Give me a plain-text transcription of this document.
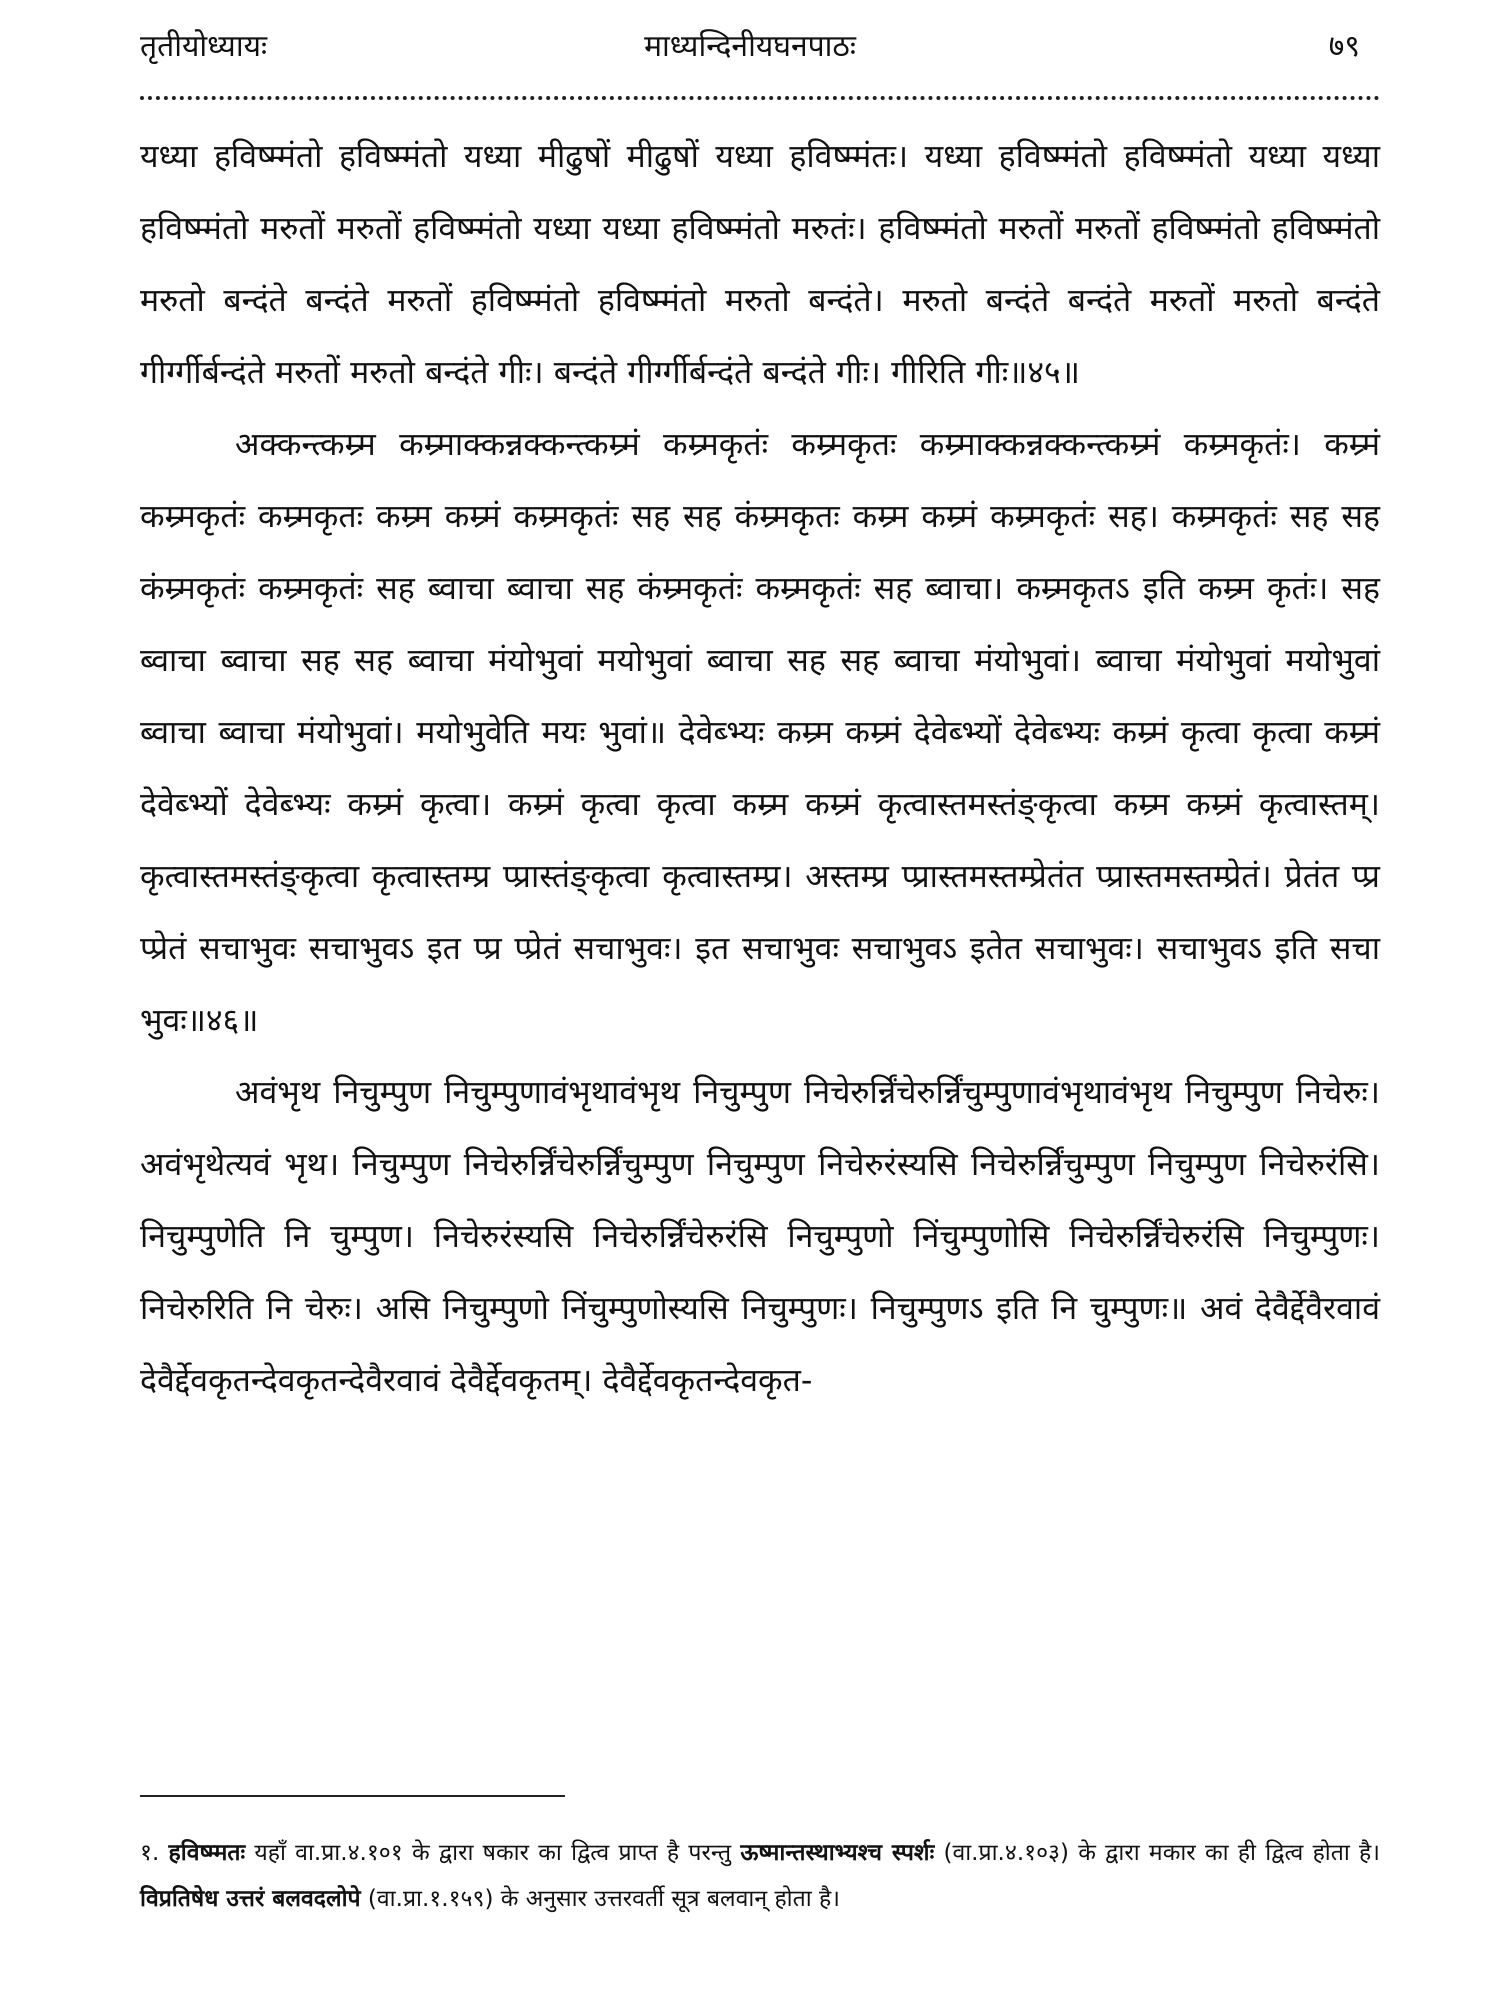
तृतीयोध्यायः	माध्यन्दिनीयघनपाठः	७९

यध्या हविष्म्मंतो हविष्म्मंतो यध्या मीढुषों मीढुषों यध्या हविष्म्मंतः। यध्या हविष्म्मंतो हविष्म्मंतो यध्या यध्या हविष्म्मंतो मरुतों मरुतों हविष्म्मंतो यध्या यध्या हविष्म्मंतो मरुतंः। हविष्म्मंतो मरुतों मरुतों हविष्म्मंतो हविष्म्मंतो मरुतो बन्दंते बन्दंते मरुतों हविष्म्मंतो हविष्म्मंतो मरुतो बन्दंते। मरुतो बन्दंते बन्दंते मरुतों मरुतो बन्दंते गीर्ग्गीर्बन्दंते मरुतों मरुतो बन्दंते गीः। बन्दंते गीर्ग्गीर्बन्दंते बन्दंते गीः। गीरिति गीः॥४५॥

अक्कन्त्कम्र्म कम्र्माक्कन्नक्कन्त्कम्र्मं कम्र्मकृतंः कम्र्मकृतः कम्र्माक्कन्नक्कन्त्कम्र्मं कम्र्मकृतंः। कम्र्मं कम्र्मकृतंः कम्र्मकृतः कम्र्म कम्र्मं कम्र्मकृतंः सह सह कंम्र्मकृतः कम्र्म कम्र्मं कम्र्मकृतंः सह। कम्र्मकृतंः सह सह कंम्र्मकृतंः कम्र्मकृतंः सह ब्वाचा ब्वाचा सह कंम्र्मकृतंः कम्र्मकृतंः सह ब्वाचा। कम्र्मकृतऽ इति कम्र्म कृतंः। सह ब्वाचा ब्वाचा सह सह ब्वाचा मंयोभुवां मयोभुवां ब्वाचा सह सह ब्वाचा मंयोभुवां। ब्वाचा मंयोभुवां मयोभुवां ब्वाचा ब्वाचा मंयोभुवां। मयोभुवेति मयः भुवां॥ देवेब्भ्यः कम्र्म कम्र्मं देवेब्भ्यों देवेब्भ्यः कम्र्मं कृत्वा कृत्वा कम्र्मं देवेब्भ्यों देवेब्भ्यः कम्र्मं कृत्वा। कम्र्मं कृत्वा कृत्वा कम्र्म कम्र्मं कृत्वास्तमस्तंङ्कृत्वा कम्र्म कम्र्मं कृत्वास्तम्। कृत्वास्तमस्तंङ्कृत्वा कृत्वास्तम्प्र प्प्रास्तंङ्कृत्वा कृत्वास्तम्प्र। अस्तम्प्र प्प्रास्तमस्तम्प्रेतंत प्प्रास्तमस्तम्प्रेतं। प्रेतंत प्प्र प्प्रेतं सचाभुवः सचाभुवऽ इत प्प्र प्प्रेतं सचाभुवः। इत सचाभुवः सचाभुवऽ इतेत सचाभुवः। सचाभुवऽ इति सचा भुवः॥४६॥

अवंभृथ निचुम्पुण निचुम्पुणावंभृथावंभृथ निचुम्पुण निचेरुर्न्निंचेरुर्न्निंचुम्पुणावंभृथावंभृथ निचुम्पुण निचेरुः। अवंभृथेत्यवं भृथ। निचुम्पुण निचेरुर्न्निंचेरुर्न्निंचुम्पुण निचुम्पुण निचेरुरंस्यसि निचेरुर्न्निंचुम्पुण निचुम्पुण निचेरुरंसि। निचुम्पुणेति नि चुम्पुण। निचेरुरंस्यसि निचेरुर्न्निंचेरुरंसि निचुम्पुणो निंचुम्पुणोसि निचेरुर्न्निंचेरुरंसि निचुम्पुणः। निचेरुरिति नि चेरुः। असि निचुम्पुणो निंचुम्पुणोस्यसि निचुम्पुणः। निचुम्पुणऽ इति नि चुम्पुणः॥ अवं देवैर्द्देवैरवावं देवैर्द्देवकृतन्देवकृतन्देवैरवावं देवैर्द्देवकृतम्। देवैर्द्देवकृतन्देवकृत-

१. हविष्म्मतः यहाँ वा.प्रा.४.१०१ के द्वारा षकार का द्वित्व प्राप्त है परन्तु ऊष्मान्तस्थाभ्यश्च स्पर्शः (वा.प्रा.४.१०३) के द्वारा मकार का ही द्वित्व होता है। विप्रतिषेध उत्तरं बलवदलोपे (वा.प्रा.१.१५९) के अनुसार उत्तरवर्ती सूत्र बलवान् होता है।
